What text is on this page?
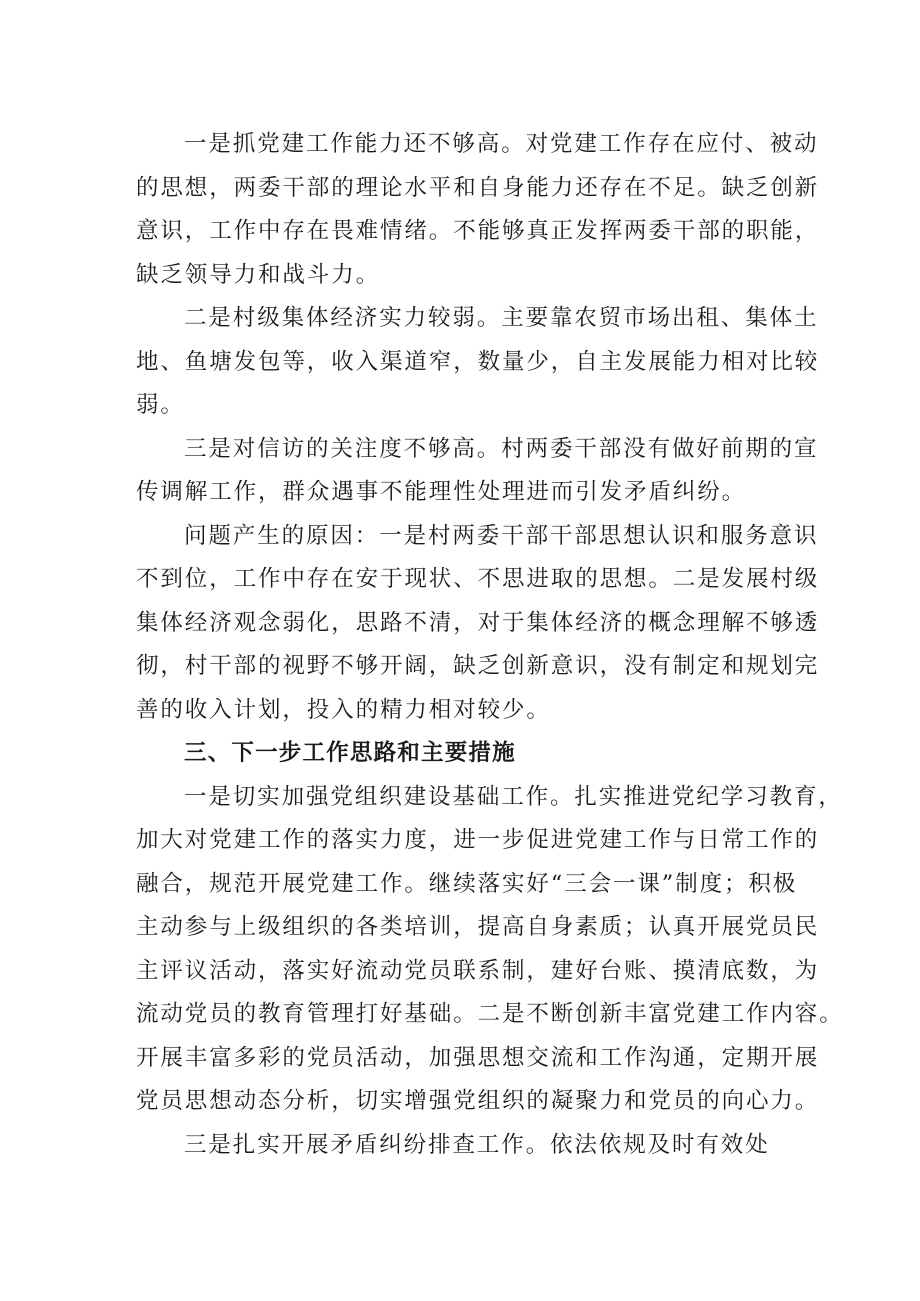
一是抓党建工作能力还不够高。对党建工作存在应付、被动
的思想，两委干部的理论水平和自身能力还存在不足。缺乏创新
意识，工作中存在畏难情绪。不能够真正发挥两委干部的职能，
缺乏领导力和战斗力。
二是村级集体经济实力较弱。主要靠农贸市场出租、集体土
地、鱼塘发包等，收入渠道窄，数量少，自主发展能力相对比较
弱。
三是对信访的关注度不够高。村两委干部没有做好前期的宣
传调解工作，群众遇事不能理性处理进而引发矛盾纠纷。
问题产生的原因：一是村两委干部干部思想认识和服务意识
不到位，工作中存在安于现状、不思进取的思想。二是发展村级
集体经济观念弱化，思路不清，对于集体经济的概念理解不够透
彻，村干部的视野不够开阔，缺乏创新意识，没有制定和规划完
善的收入计划，投入的精力相对较少。
三、下一步工作思路和主要措施
一是切实加强党组织建设基础工作。扎实推进党纪学习教育，
加大对党建工作的落实力度，进一步促进党建工作与日常工作的
融合，规范开展党建工作。继续落实好“三会一课”制度；积极
主动参与上级组织的各类培训，提高自身素质；认真开展党员民
主评议活动，落实好流动党员联系制，建好台账、摸清底数，为
流动党员的教育管理打好基础。二是不断创新丰富党建工作内容。
开展丰富多彩的党员活动，加强思想交流和工作沟通，定期开展
党员思想动态分析，切实增强党组织的凝聚力和党员的向心力。
三是扎实开展矛盾纠纷排查工作。依法依规及时有效处
